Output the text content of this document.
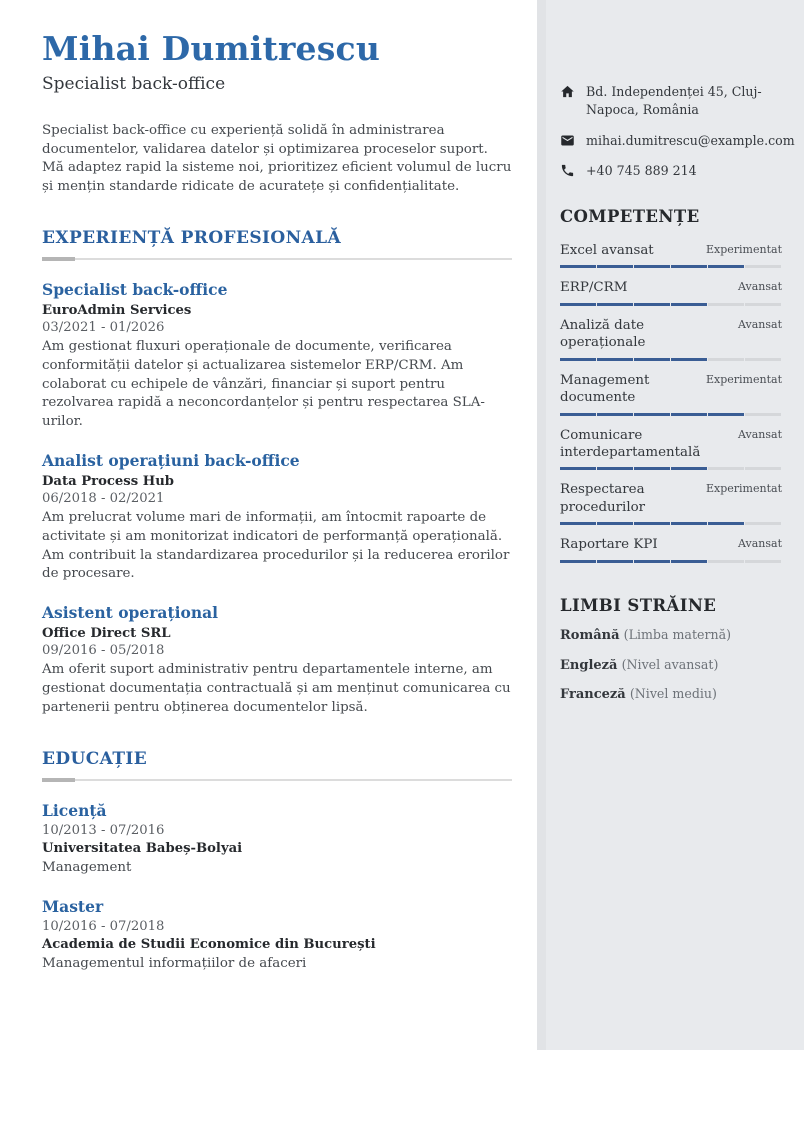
Mihai Dumitrescu
Specialist back-office
Specialist back-office cu experiență solidă în administrarea documentelor, validarea datelor și optimizarea proceselor suport. Mă adaptez rapid la sisteme noi, prioritizez eficient volumul de lucru și mențin standarde ridicate de acuratețe și confidențialitate.
EXPERIENȚĂ PROFESIONALĂ
Specialist back-office
EuroAdmin Services
03/2021 - 01/2026
Am gestionat fluxuri operaționale de documente, verificarea conformității datelor și actualizarea sistemelor ERP/CRM. Am colaborat cu echipele de vânzări, financiar și suport pentru rezolvarea rapidă a neconcordanțelor și pentru respectarea SLA-urilor.
Analist operațiuni back-office
Data Process Hub
06/2018 - 02/2021
Am prelucrat volume mari de informații, am întocmit rapoarte de activitate și am monitorizat indicatori de performanță operațională. Am contribuit la standardizarea procedurilor și la reducerea erorilor de procesare.
Asistent operațional
Office Direct SRL
09/2016 - 05/2018
Am oferit suport administrativ pentru departamentele interne, am gestionat documentația contractuală și am menținut comunicarea cu partenerii pentru obținerea documentelor lipsă.
EDUCAȚIE
Licență
10/2013 - 07/2016
Universitatea Babeș-Bolyai
Management
Master
10/2016 - 07/2018
Academia de Studii Economice din București
Managementul informațiilor de afaceri
Bd. Independenței 45, Cluj-Napoca, România
mihai.dumitrescu@example.com
+40 745 889 214
COMPETENȚE
Excel avansat	Experimentat
ERP/CRM	Avansat
Analiză date operaționale
Avansat
Management documente
Experimentat
Comunicare interdepartamentală
Avansat
Respectarea procedurilor
Experimentat
Raportare KPI	Avansat
LIMBI STRĂINE
Română (Limba maternă)
Engleză (Nivel avansat)
Franceză (Nivel mediu)
